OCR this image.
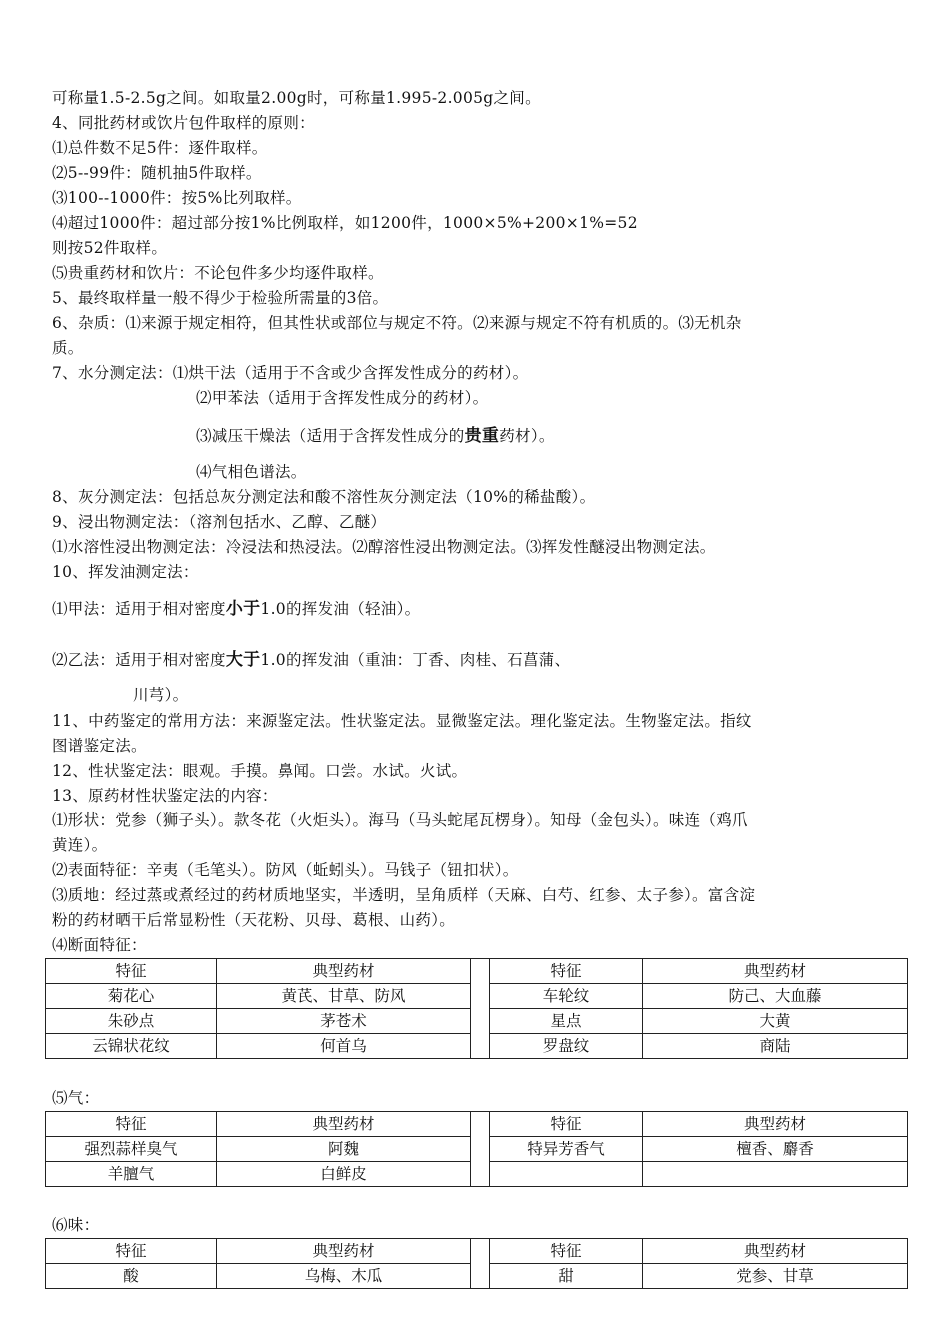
可称量1.5-2.5g之间。如取量2.00g时，可称量1.995-2.005g之间。
4、同批药材或饮片包件取样的原则：
⑴总件数不足5件：逐件取样。
⑵5--99件：随机抽5件取样。
⑶100--1000件：按5%比列取样。
⑷超过1000件：超过部分按1%比例取样，如1200件，1000×5%+200×1%=52
则按52件取样。
⑸贵重药材和饮片：不论包件多少均逐件取样。
5、最终取样量一般不得少于检验所需量的3倍。
6、杂质：⑴来源于规定相符，但其性状或部位与规定不符。⑵来源与规定不符有机质的。⑶无机杂
质。
7、水分测定法：⑴烘干法（适用于不含或少含挥发性成分的药材）。
⑵甲苯法（适用于含挥发性成分的药材）。
⑶减压干燥法（适用于含挥发性成分的贵重药材）。
⑷气相色谱法。
8、灰分测定法：包括总灰分测定法和酸不溶性灰分测定法（10%的稀盐酸）。
9、浸出物测定法：（溶剂包括水、乙醇、乙醚）
⑴水溶性浸出物测定法：冷浸法和热浸法。⑵醇溶性浸出物测定法。⑶挥发性醚浸出物测定法。
10、挥发油测定法：
⑴甲法：适用于相对密度小于1.0的挥发油（轻油）。
⑵乙法：适用于相对密度大于1.0的挥发油（重油：丁香、肉桂、石菖蒲、
川芎）。
11、中药鉴定的常用方法：来源鉴定法。性状鉴定法。显微鉴定法。理化鉴定法。生物鉴定法。指纹
图谱鉴定法。
12、性状鉴定法：眼观。手摸。鼻闻。口尝。水试。火试。
13、原药材性状鉴定法的内容：
⑴形状：党参（狮子头）。款冬花（火炬头）。海马（马头蛇尾瓦楞身）。知母（金包头）。味连（鸡爪
黄连）。
⑵表面特征：辛夷（毛笔头）。防风（蚯蚓头）。马钱子（钮扣状）。
⑶质地：经过蒸或煮经过的药材质地坚实，半透明，呈角质样（天麻、白芍、红参、太子参）。富含淀
粉的药材晒干后常显粉性（天花粉、贝母、葛根、山药）。
⑷断面特征：
特征	典型药材		特征	典型药材
菊花心	黄芪、甘草、防风		车轮纹	防己、大血藤
朱砂点	茅苍术		星点	大黄
云锦状花纹	何首乌		罗盘纹	商陆
⑸气：
特征	典型药材		特征	典型药材
强烈蒜样臭气	阿魏		特异芳香气	檀香、麝香
羊膻气	白鲜皮			
⑹味：
特征	典型药材		特征	典型药材
酸	乌梅、木瓜		甜	党参、甘草
